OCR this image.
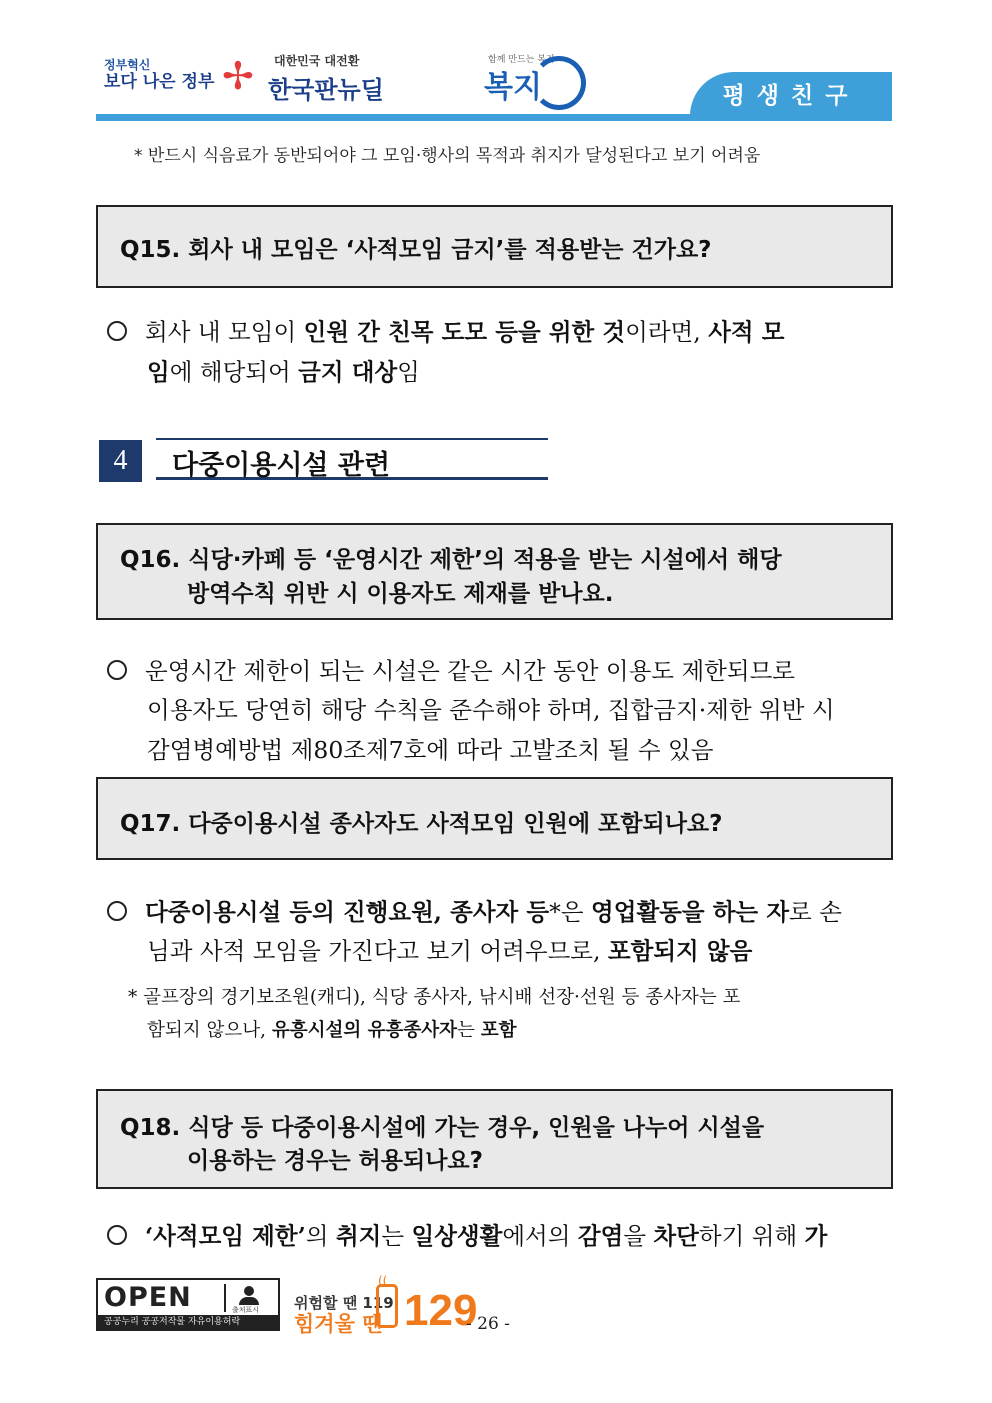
정부혁신
보다 나은 정부 ✢ 대한민국 대전환
한국판뉴딜
함께 만드는 복지
복지	평생친구
* 반드시 식음료가 동반되어야 그 모임·행사의 목적과 취지가 달성된다고 보기 어려움
Q15. 회사 내 모임은 ‘사적모임 금지’를 적용받는 건가요?
회사 내 모임이 인원 간 친목 도모 등을 위한 것이라면, 사적 모
임에 해당되어 금지 대상임
4	다중이용시설 관련
Q16. 식당·카페 등 ‘운영시간 제한’의 적용을 받는 시설에서 해당
방역수칙 위반 시 이용자도 제재를 받나요.
운영시간 제한이 되는 시설은 같은 시간 동안 이용도 제한되므로
이용자도 당연히 해당 수칙을 준수해야 하며, 집합금지·제한 위반 시
감염병예방법 제80조제7호에 따라 고발조치 될 수 있음
Q17. 다중이용시설 종사자도 사적모임 인원에 포함되나요?
다중이용시설 등의 진행요원, 종사자 등*은 영업활동을 하는 자로 손
님과 사적 모임을 가진다고 보기 어려우므로, 포함되지 않음
* 골프장의 경기보조원(캐디), 식당 종사자, 낚시배 선장·선원 등 종사자는 포
함되지 않으나, 유흥시설의 유흥종사자는 포함
Q18. 식당 등 다중이용시설에 가는 경우, 인원을 나누어 시설을
이용하는 경우는 허용되나요?
‘사적모임 제한’의 취지는 일상생활에서의 감염을 차단하기 위해 가
OPEN	출처표시
공공누리 공공저작물 자유이용허락
위험할 땐 119
힘겨울 땐
((
129
- 26 -
